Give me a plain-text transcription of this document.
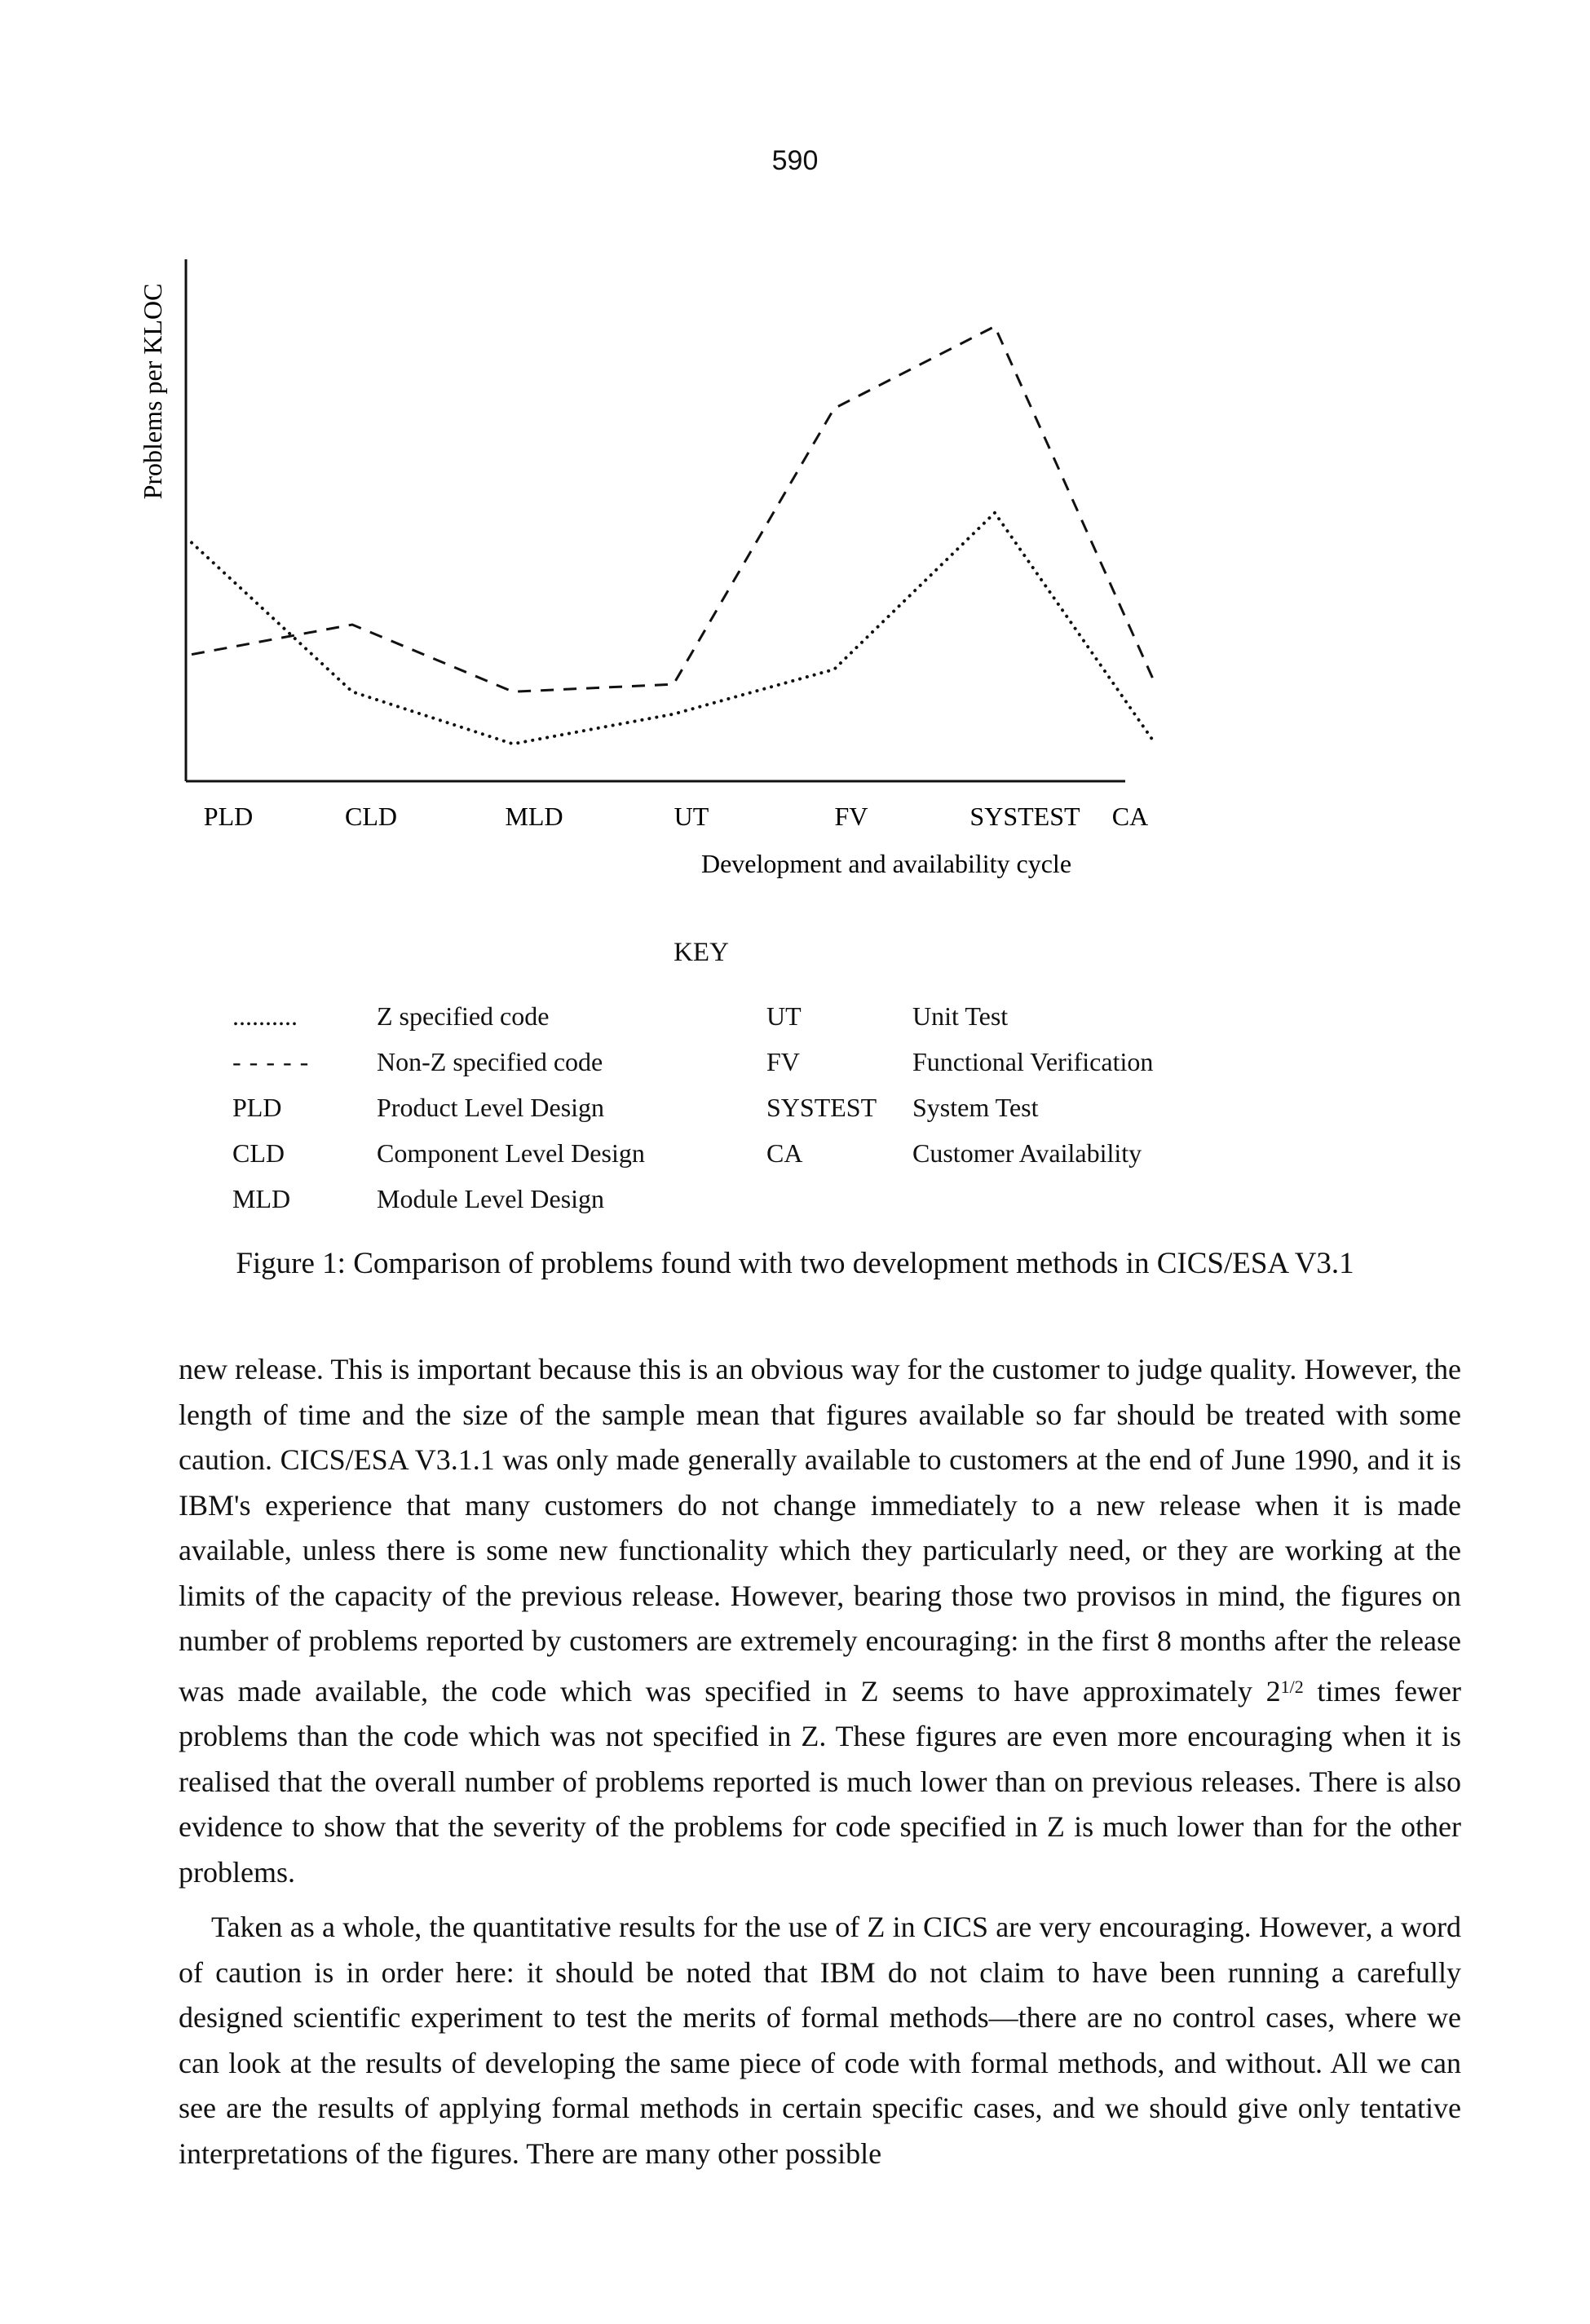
590
Problems per KLOC
PLD	CLD	MLD	UT	FV	SYSTEST CA
Development and availability cycle
KEY
..........	Z specified code
- - - - -	Non-Z specified code
PLD	Product Level Design
CLD	Component Level Design
MLD	Module Level Design
UT	Unit Test
FV	Functional Verification
SYSTEST System Test
CA	Customer Availability
Figure 1: Comparison of problems found with two development methods in CICS/ESA V3.1

new release. This is important because this is an obvious way for the customer to judge quality. However, the length of time and the size of the sample mean that figures available so far should be treated with some caution. CICS/ESA V3.1.1 was only made generally available to customers at the end of June 1990, and it is IBM's experience that many customers do not change immediately to a new release when it is made available, unless there is some new functionality which they particularly need, or they are working at the limits of the capacity of the previous release. However, bearing those two provisos in mind, the figures on number of problems reported by customers are extremely encouraging: in the first 8 months after the release was made available, the code which was specified in Z seems to have approximately $2^{1/2}$ times fewer problems than the code which was not specified in Z. These figures are even more encouraging when it is realised that the overall number of problems reported is much lower than on previous releases. There is also evidence to show that the severity of the problems for code specified in Z is much lower than for the other problems.

Taken as a whole, the quantitative results for the use of Z in CICS are very encouraging. However, a word of caution is in order here: it should be noted that IBM do not claim to have been running a carefully designed scientific experiment to test the merits of formal methods—there are no control cases, where we can look at the results of developing the same piece of code with formal methods, and without. All we can see are the results of applying formal methods in certain specific cases, and we should give only tentative interpretations of the figures. There are many other possible
